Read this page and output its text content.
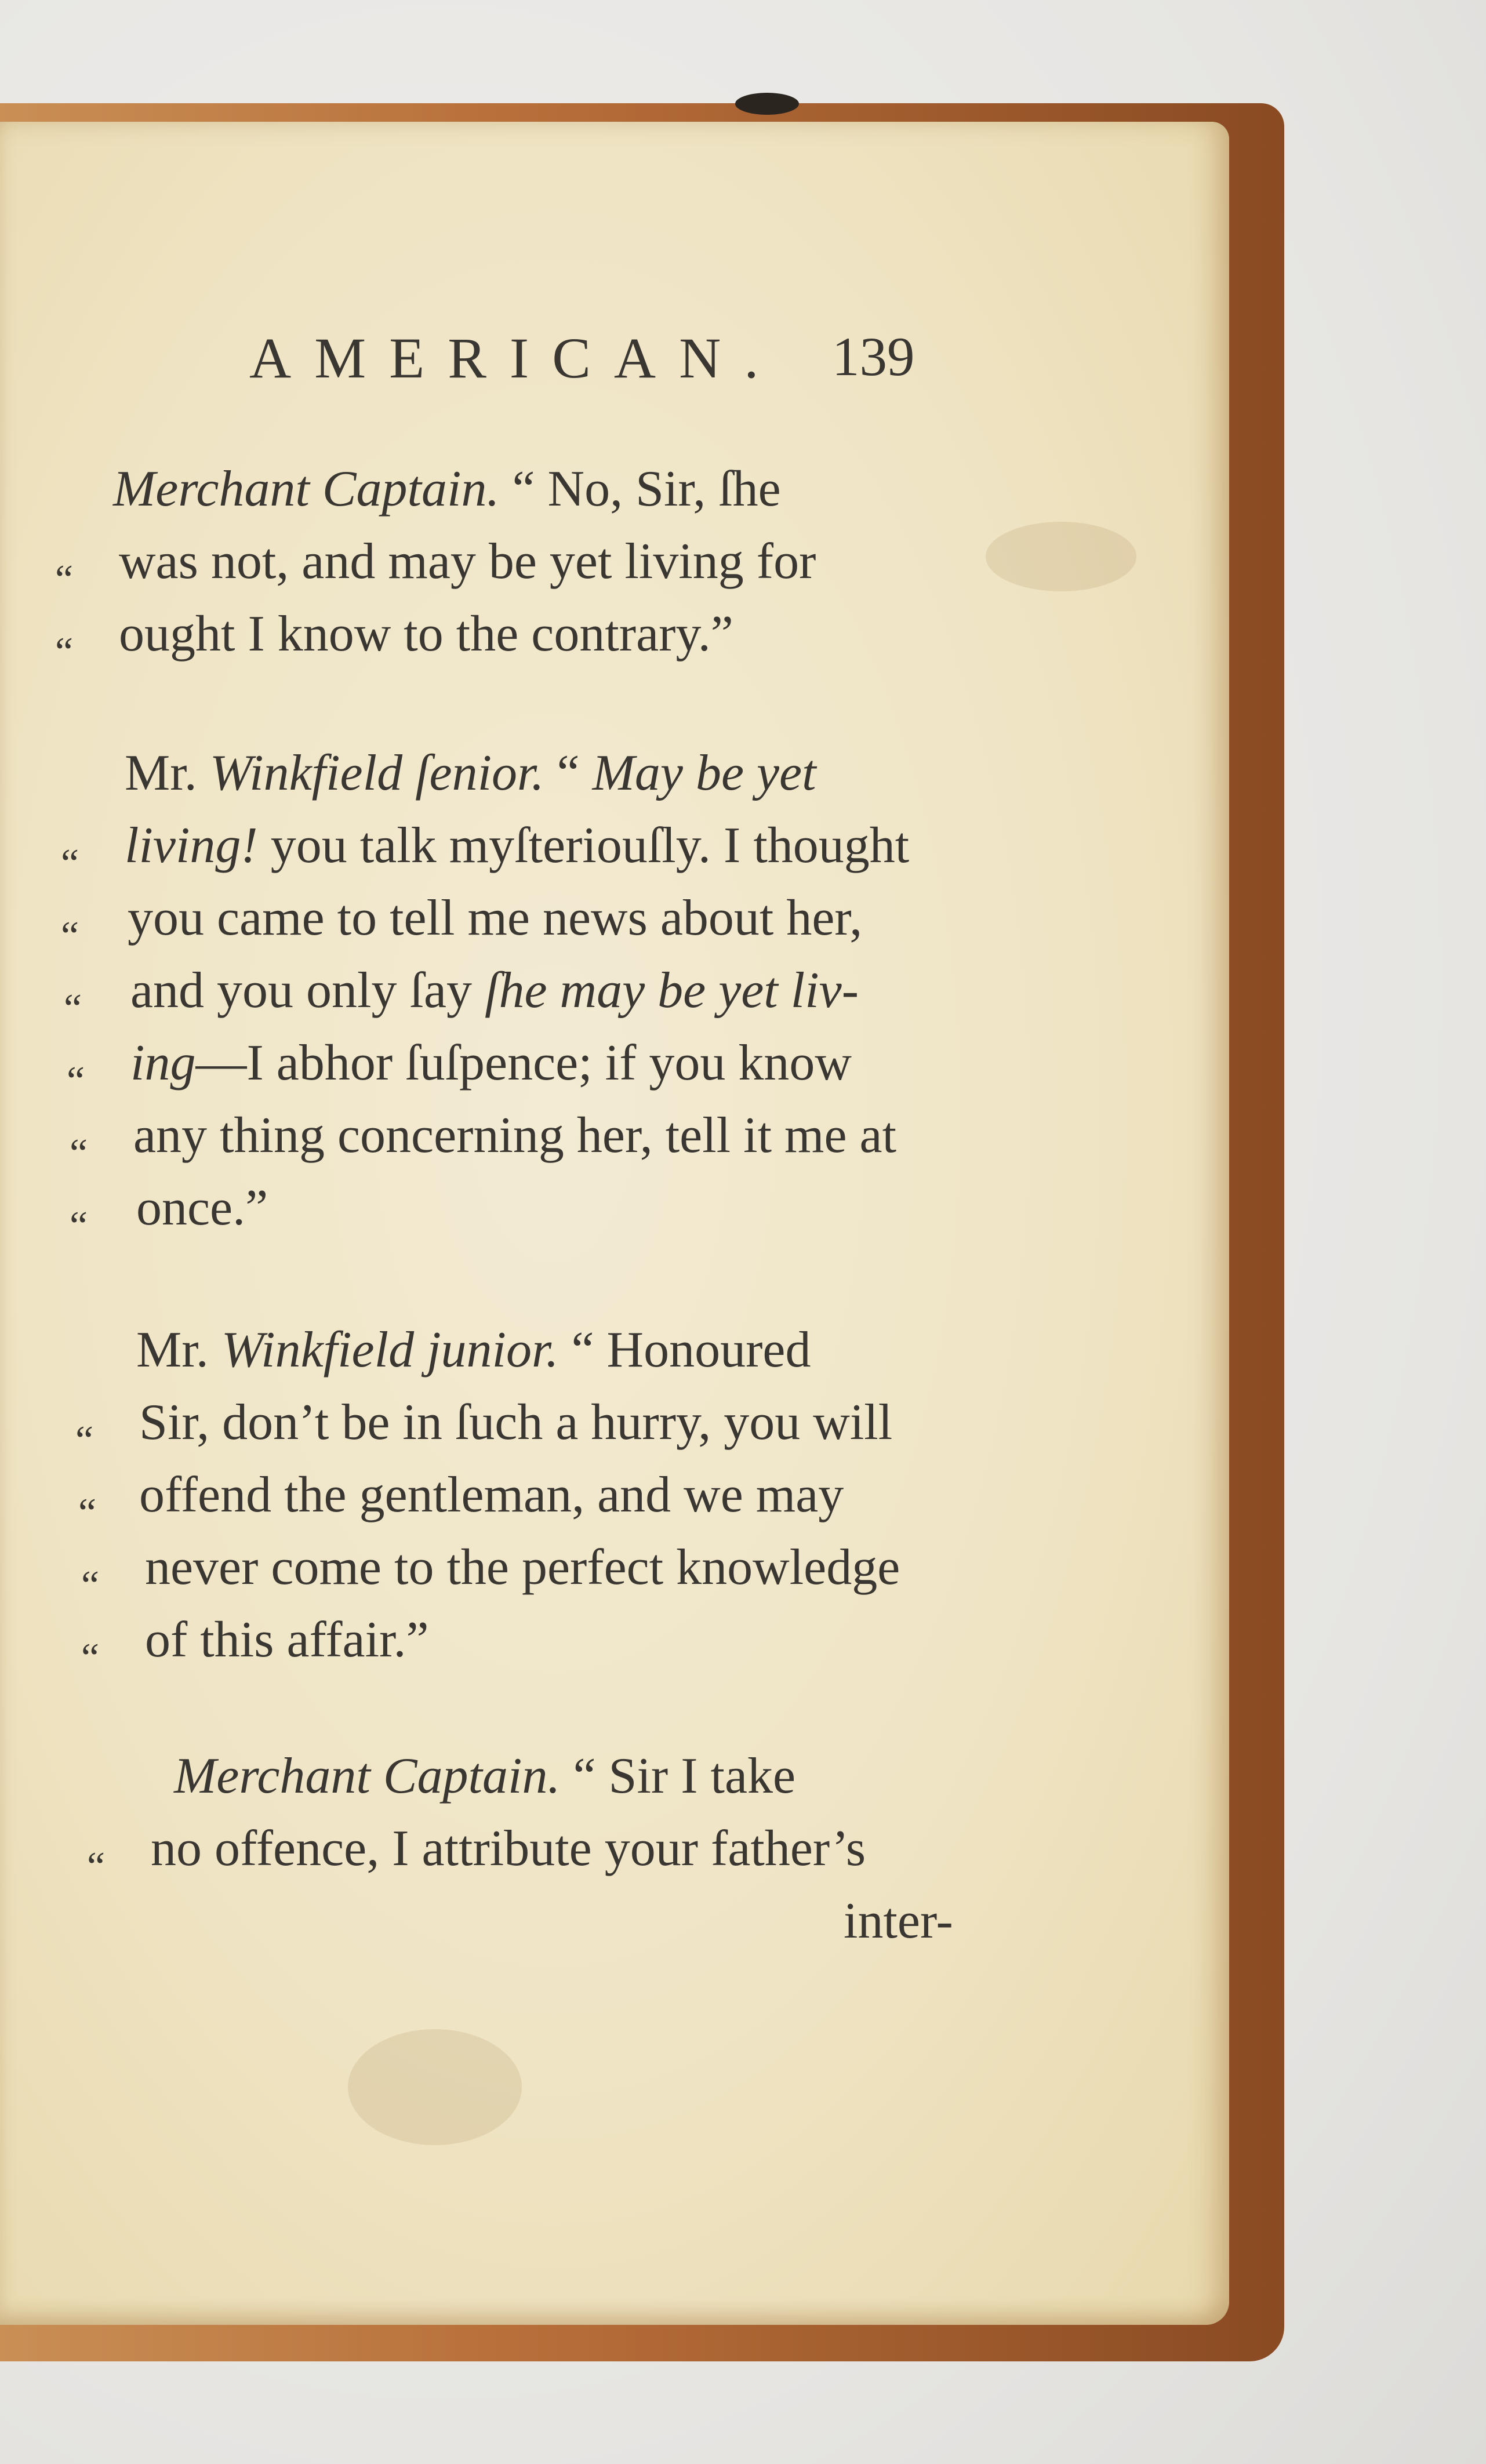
AMERICAN. 139
Merchant Captain. “ No, Sir, ſhe
“ was not, and may be yet living for
“ ought I know to the contrary.”
Mr. Winkfield ſenior. “ May be yet
“ living! you talk myſteriouſly. I thought
“ you came to tell me news about her,
“ and you only ſay ſhe may be yet liv-
“ ing—I abhor ſuſpence; if you know
“ any thing concerning her, tell it me at
“ once.”
Mr. Winkfield junior. “ Honoured
“ Sir, don’t be in ſuch a hurry, you will
“ offend the gentleman, and we may
“ never come to the perfect knowledge
“ of this affair.”
Merchant Captain. “ Sir I take
“ no offence, I attribute your father’s
inter-
